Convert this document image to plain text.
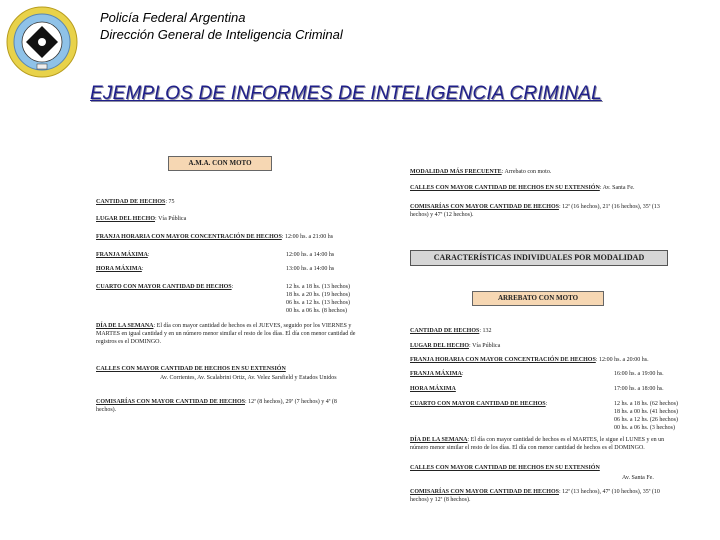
Policía Federal Argentina
Dirección General de Inteligencia Criminal
EJEMPLOS DE INFORMES DE INTELIGENCIA CRIMINAL
A.M.A. CON MOTO
CANTIDAD DE HECHOS: 75
LUGAR DEL HECHO: Vía Pública
FRANJA HORARIA CON MAYOR CONCENTRACIÓN DE HECHOS: 12:00 hs. a 21:00 hs
FRANJA MÁXIMA:	12:00 hs. a 14:00 hs
HORA MÁXIMA:	13:00 hs. a 14:00 hs
CUARTO CON MAYOR CANTIDAD DE HECHOS:	12 hs. a 18 hs. (13 hechos)
18 hs. a 20 hs. (19 hechos)
06 hs. a 12 hs. (13 hechos)
00 hs. a 06 hs. (8 hechos)
DÍA DE LA SEMANA: El día con mayor cantidad de hechos es el JUEVES, seguido por los VIERNES y MARTES en igual cantidad y en un número menor similar el resto de los días. El día con menor cantidad de registros es el DOMINGO.
CALLES CON MAYOR CANTIDAD DE HECHOS EN SU EXTENSIÓN
Av. Corrientes, Av. Scalabrini Ortiz, Av. Velez Sarsfield y Estados Unidos
COMISARÍAS CON MAYOR CANTIDAD DE HECHOS: 12ª (8 hechos), 29ª (7 hechos) y 4ª (8 hechos).
MODALIDAD MÁS FRECUENTE: Arrebato con moto.
CALLES CON MAYOR CANTIDAD DE HECHOS EN SU EXTENSIÓN: Av. Santa Fe.
COMISARÍAS CON MAYOR CANTIDAD DE HECHOS: 12ª (16 hechos), 21ª (16 hechos), 35ª (13 hechos) y 47ª (12 hechos).
CARACTERÍSTICAS INDIVIDUALES POR MODALIDAD
ARREBATO CON MOTO
CANTIDAD DE HECHOS: 132
LUGAR DEL HECHO: Vía Pública
FRANJA HORARIA CON MAYOR CONCENTRACIÓN DE HECHOS: 12:00 hs. a 20:00 hs.
FRANJA MÁXIMA:	16:00 hs. a 19:00 hs.
HORA MÁXIMA	17:00 hs. a 18:00 hs.
CUARTO CON MAYOR CANTIDAD DE HECHOS:	12 hs. a 18 hs. (62 hechos)
18 hs. a 00 hs. (41 hechos)
06 hs. a 12 hs. (26 hechos)
00 hs. a 06 hs. (3 hechos)
DÍA DE LA SEMANA: El día con mayor cantidad de hechos es el MARTES, le sigue el LUNES y en un número menor similar el resto de los días. El día con menor cantidad de hechos es el DOMINGO.
CALLES CON MAYOR CANTIDAD DE HECHOS EN SU EXTENSIÓN
Av. Santa Fe.
COMISARÍAS CON MAYOR CANTIDAD DE HECHOS: 12ª (13 hechos), 47ª (10 hechos), 35ª (10 hechos) y 12ª (8 hechos).
